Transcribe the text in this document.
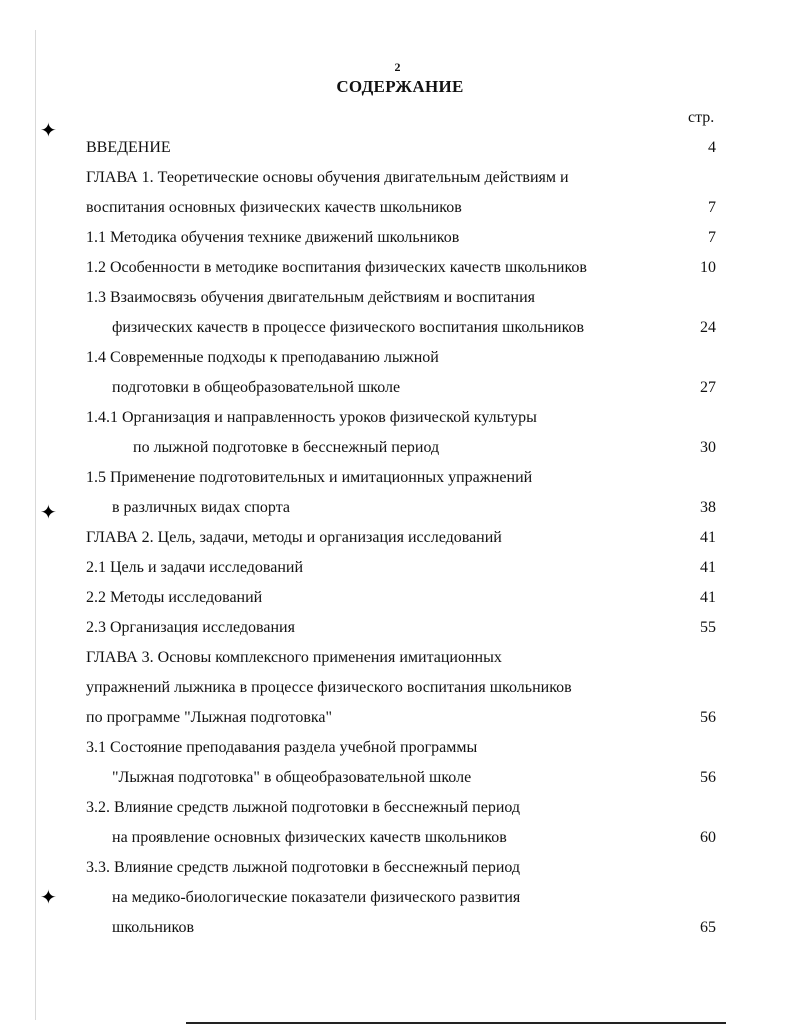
✦
✦
✦
2
СОДЕРЖАНИЕ
стр.
ВВЕДЕНИЕ	4
ГЛАВА 1. Теоретические основы обучения двигательным действиям и
воспитания основных физических качеств школьников	7
1.1 Методика обучения технике движений школьников	7
1.2 Особенности в методике воспитания физических качеств школьников	10
1.3 Взаимосвязь обучения двигательным действиям и воспитания
физических качеств в процессе физического воспитания школьников	24
1.4 Современные подходы к преподаванию лыжной
подготовки в общеобразовательной школе	27
1.4.1 Организация и направленность уроков физической культуры
по лыжной подготовке в бесснежный период	30
1.5 Применение подготовительных и имитационных упражнений
в различных видах спорта	38
ГЛАВА 2. Цель, задачи, методы и организация исследований	41
2.1 Цель и задачи исследований	41
2.2 Методы исследований	41
2.3 Организация исследования	55
ГЛАВА 3. Основы комплексного применения имитационных
упражнений лыжника в процессе физического воспитания школьников
по программе "Лыжная подготовка"	56
3.1 Состояние преподавания раздела учебной программы
"Лыжная подготовка" в общеобразовательной школе	56
3.2. Влияние средств лыжной подготовки в бесснежный период
на проявление основных физических качеств школьников	60
3.3. Влияние средств лыжной подготовки в бесснежный период
на медико-биологические показатели физического развития
школьников	65
